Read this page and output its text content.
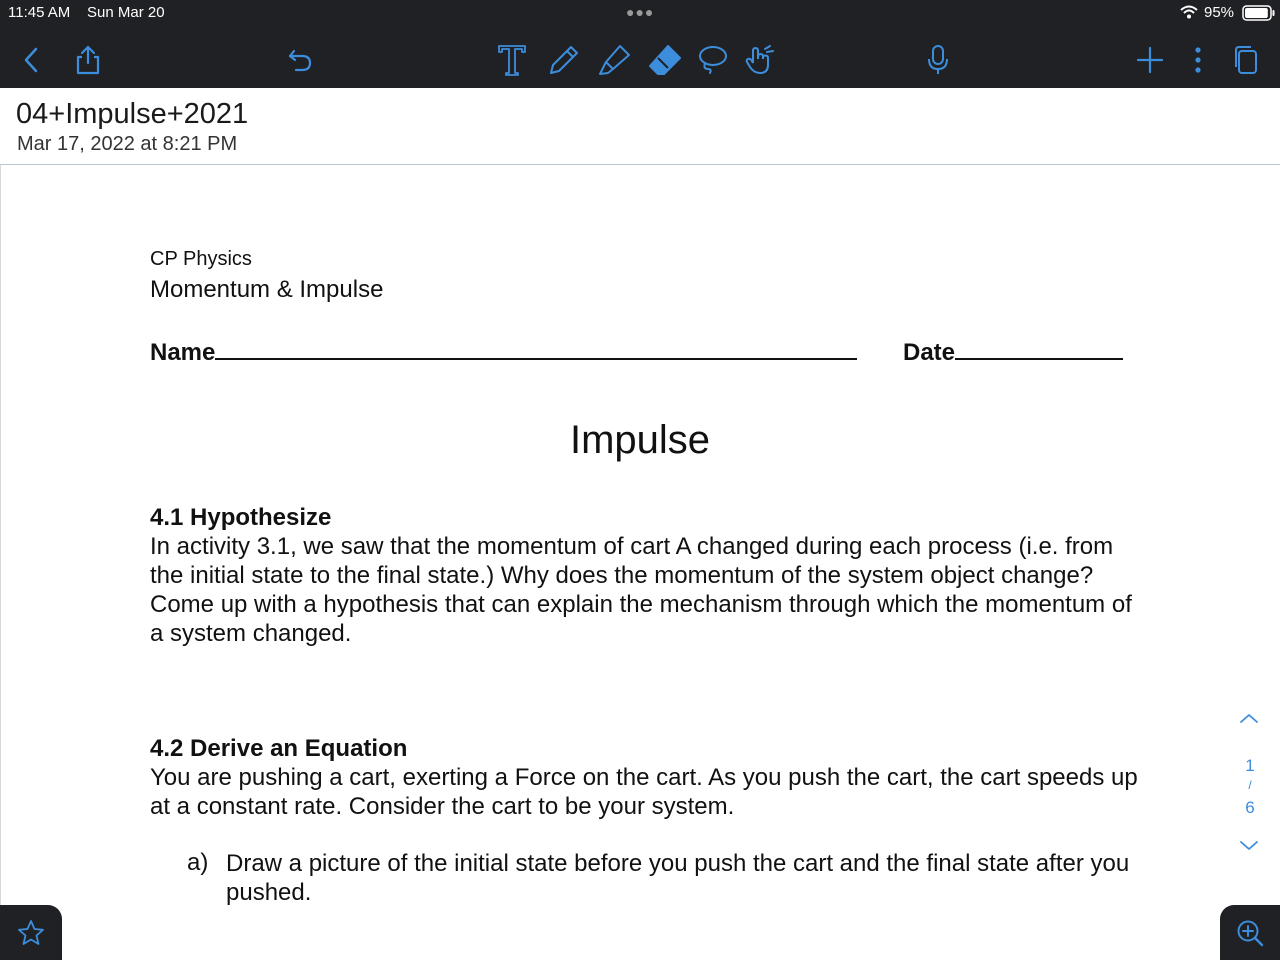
11:45 AM Sun Mar 20	●●●	95%
04+Impulse+2021
Mar 17, 2022 at 8:21 PM
CP Physics
Momentum & Impulse
Name	Date
Impulse
4.1 Hypothesize
In activity 3.1, we saw that the momentum of cart A changed during each process (i.e. from the initial state to the final state.) Why does the momentum of the system object change? Come up with a hypothesis that can explain the mechanism through which the momentum of a system changed.
4.2 Derive an Equation
You are pushing a cart, exerting a Force on the cart. As you push the cart, the cart speeds up at a constant rate. Consider the cart to be your system.
a) Draw a picture of the initial state before you push the cart and the final state after you pushed.
1
/
6
